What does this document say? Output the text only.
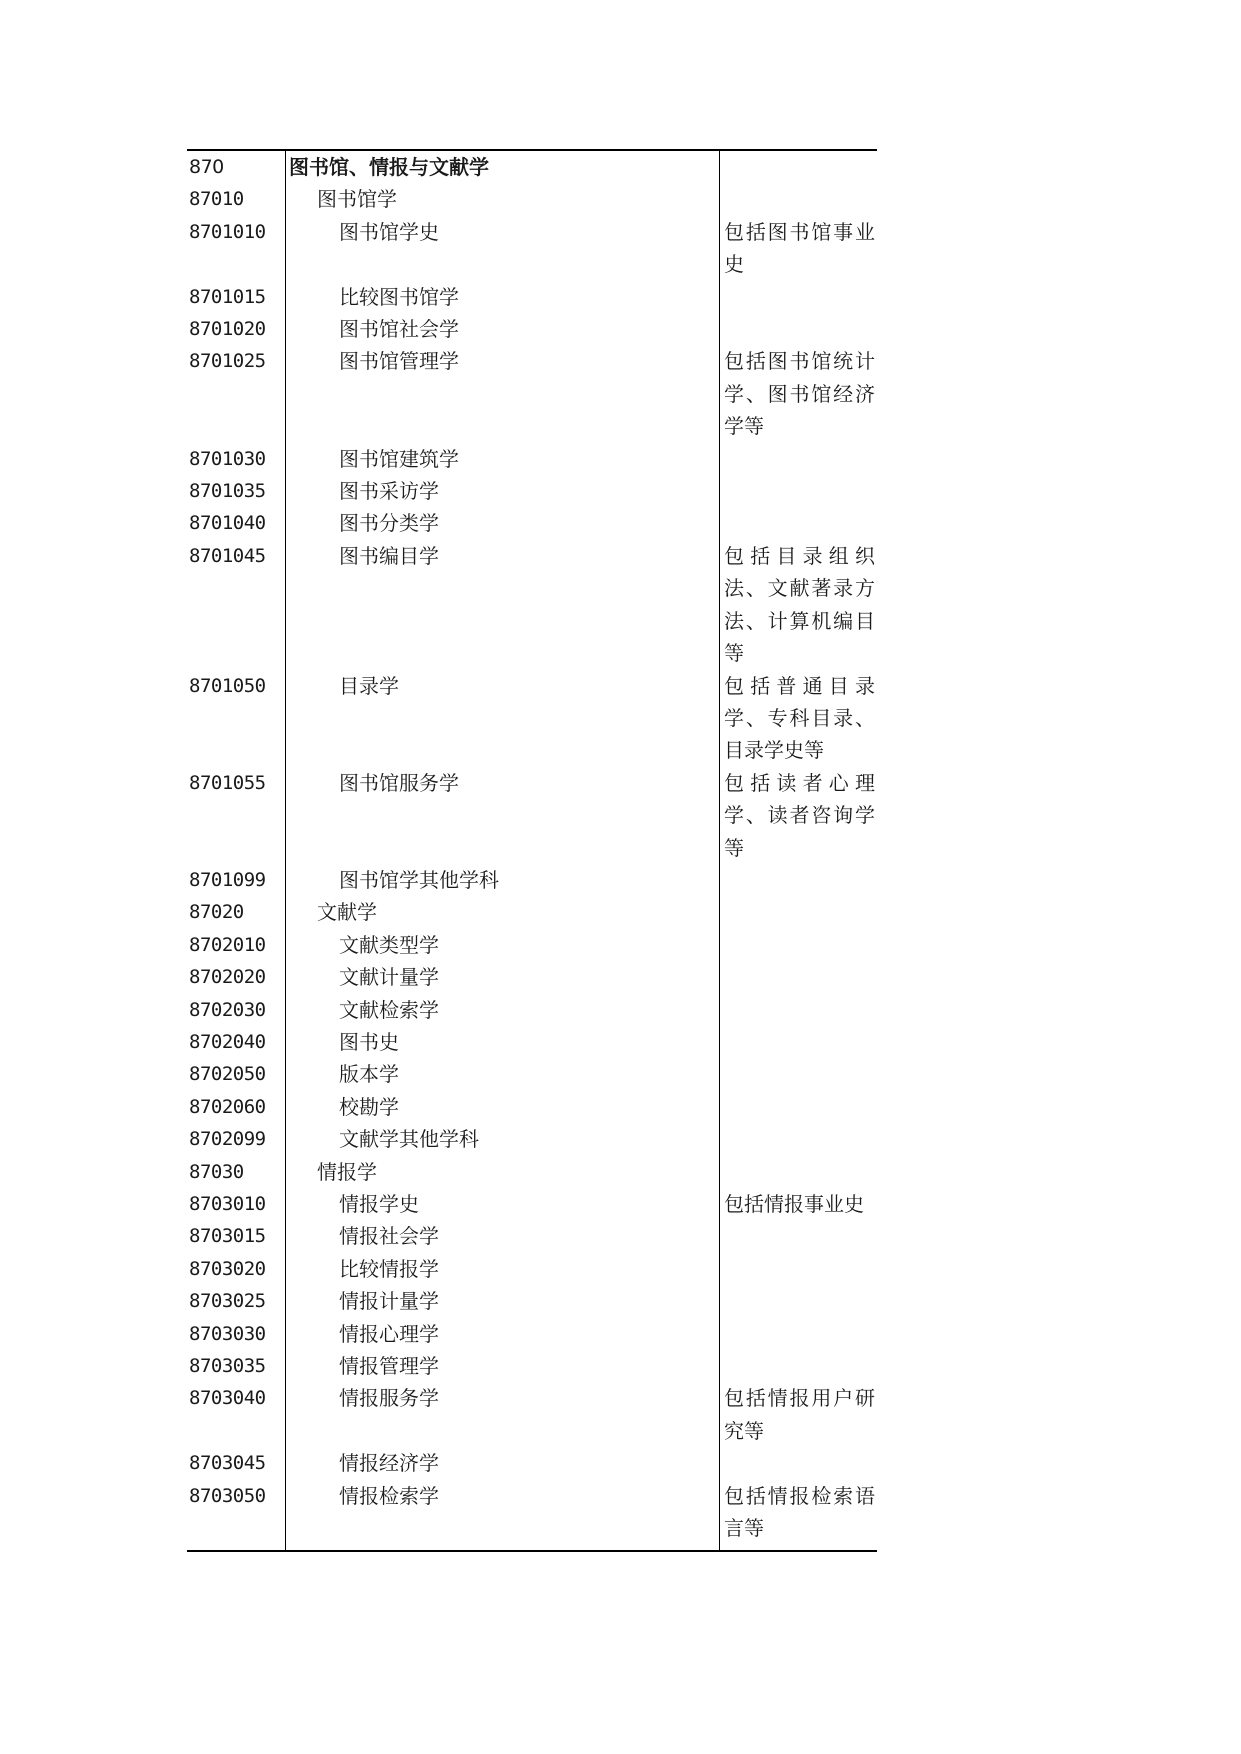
870	图书馆、情报与文献学
87010	图书馆学
8701010	图书馆学史	包括图书馆事业史
8701015	比较图书馆学
8701020	图书馆社会学
8701025	图书馆管理学	包括图书馆统计学、图书馆经济学等
8701030	图书馆建筑学
8701035	图书采访学
8701040	图书分类学
8701045	图书编目学	包括目录组织法、文献著录方法、计算机编目等
8701050	目录学	包括普通目录学、专科目录、目录学史等
8701055	图书馆服务学	包括读者心理学、读者咨询学等
8701099	图书馆学其他学科
87020	文献学
8702010	文献类型学
8702020	文献计量学
8702030	文献检索学
8702040	图书史
8702050	版本学
8702060	校勘学
8702099	文献学其他学科
87030	情报学
8703010	情报学史	包括情报事业史
8703015	情报社会学
8703020	比较情报学
8703025	情报计量学
8703030	情报心理学
8703035	情报管理学
8703040	情报服务学	包括情报用户研究等
8703045	情报经济学
8703050	情报检索学	包括情报检索语言等
